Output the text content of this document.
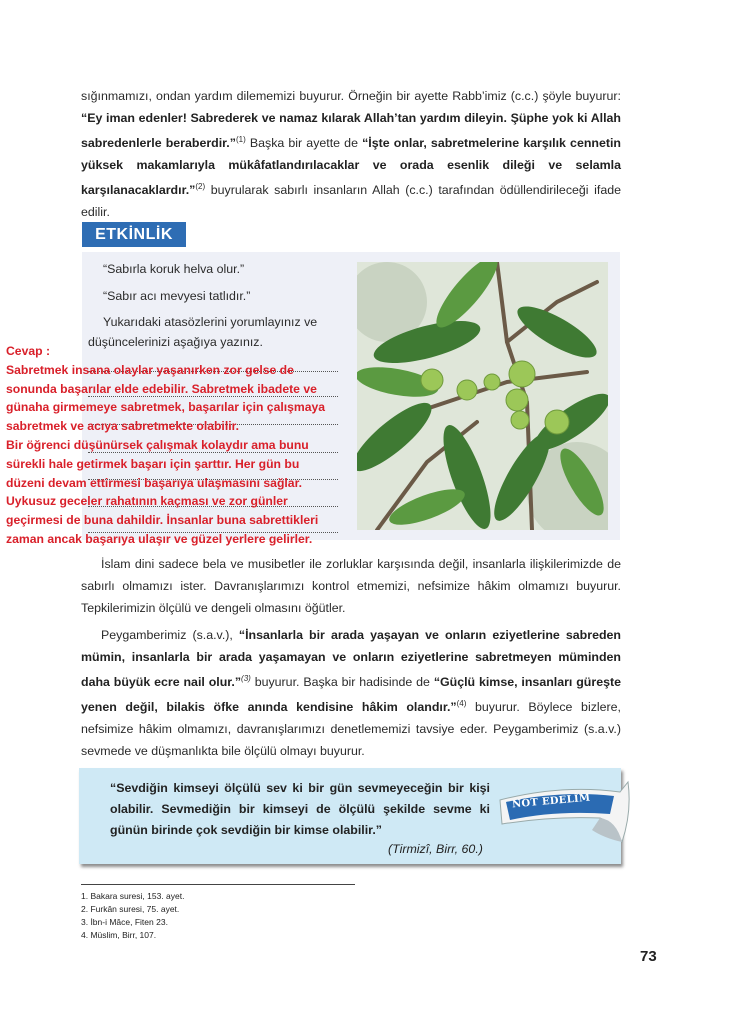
sığınmamızı, ondan yardım dilememizi buyurur. Örneğin bir ayette Rabb’imiz (c.c.) şöyle buyurur: “Ey iman edenler! Sabrederek ve namaz kılarak Allah’tan yardım dileyin. Şüphe yok ki Allah sabredenlerle beraberdir.”$^{(1)}$ Başka bir ayette de “İşte onlar, sabretmelerine karşılık cennetin yüksek makamlarıyla mükâfatlandırılacaklar ve orada esenlik dileği ve selamla karşılanacaklardır.”$^{(2)}$ buyrularak sabırlı insanların Allah (c.c.) tarafından ödüllendirileceği ifade edilir.
ETKİNLİK
“Sabırla koruk helva olur.”
“Sabır acı mevyesi tatlıdır.”
Yukarıdaki atasözlerini yorumlayınız ve
düşüncelerinizi aşağıya yazınız.
Cevap :
Sabretmek insana olaylar yaşanırken zor gelse de
sonunda başarılar elde edebilir. Sabretmek ibadete ve
günaha girmemeye sabretmek, başarılar için çalışmaya
sabretmek ve acıya sabretmekte olabilir.
Bir öğrenci düşünürsek çalışmak kolaydır ama bunu
sürekli hale getirmek başarı için şarttır. Her gün bu
düzeni devam ettirmesi başarıya ulaşmasını sağlar.
Uykusuz geceler rahatının kaçması ve zor günler
geçirmesi de buna dahildir. İnsanlar buna sabrettikleri
zaman ancak başarıya ulaşır ve güzel yerlere gelirler.
İslam dini sadece bela ve musibetler ile zorluklar karşısında değil, insanlarla ilişkilerimizde de sabırlı olmamızı ister. Davranışlarımızı kontrol etmemizi, nefsimize hâkim olmamızı buyurur. Tepkilerimizin ölçülü ve dengeli olmasını öğütler.
Peygamberimiz (s.a.v.), “İnsanlarla bir arada yaşayan ve onların eziyetlerine sabreden mümin, insanlarla bir arada yaşamayan ve onların eziyetlerine sabretmeyen müminden daha büyük ecre nail olur.”$^{(3)}$ buyurur. Başka bir hadisinde de “Güçlü kimse, insanları güreşte yenen değil, bilakis öfke anında kendisine hâkim olandır.”$^{(4)}$ buyurur. Böylece bizlere, nefsimize hâkim olmamızı, davranışlarımızı denetlememizi tavsiye eder. Peygamberimiz (s.a.v.) sevmede ve düşmanlıkta bile ölçülü olmayı buyurur.
“Sevdiğin kimseyi ölçülü sev ki bir gün sevmeyeceğin bir kişi olabilir. Sevmediğin bir kimseyi de ölçülü şekilde sevme ki günün birinde çok sevdiğin bir kimse olabilir.”
(Tirmizî, Birr, 60.)
NOT EDELİM
1. Bakara suresi, 153. ayet.
2. Furkân suresi, 75. ayet.
3. İbn-i Mâce, Fiten 23.
4. Müslim, Birr, 107.
73
